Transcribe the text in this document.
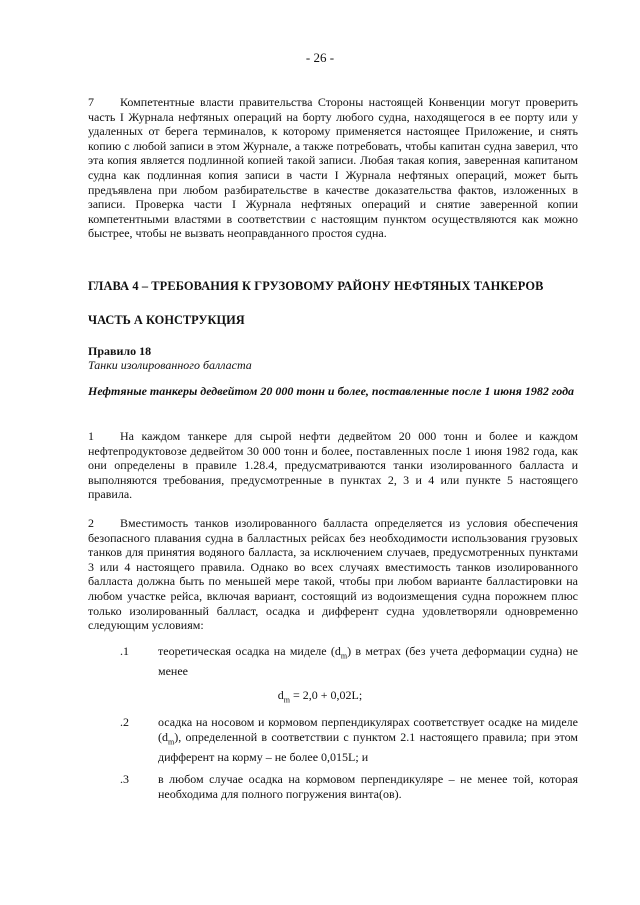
- 26 -
7 Компетентные власти правительства Стороны настоящей Конвенции могут проверить часть I Журнала нефтяных операций на борту любого судна, находящегося в ее порту или у удаленных от берега терминалов, к которому применяется настоящее Приложение, и снять копию с любой записи в этом Журнале, а также потребовать, чтобы капитан судна заверил, что эта копия является подлинной копией такой записи. Любая такая копия, заверенная капитаном судна как подлинная копия записи в части I Журнала нефтяных операций, может быть предъявлена при любом разбирательстве в качестве доказательства фактов, изложенных в записи. Проверка части I Журнала нефтяных операций и снятие заверенной копии компетентными властями в соответствии с настоящим пунктом осуществляются как можно быстрее, чтобы не вызвать неоправданного простоя судна.
ГЛАВА 4 – ТРЕБОВАНИЯ К ГРУЗОВОМУ РАЙОНУ НЕФТЯНЫХ ТАНКЕРОВ
ЧАСТЬ А КОНСТРУКЦИЯ
Правило 18
Танки изолированного балласта
Нефтяные танкеры дедвейтом 20 000 тонн и более, поставленные после 1 июня 1982 года
1 На каждом танкере для сырой нефти дедвейтом 20 000 тонн и более и каждом нефтепродуктовозе дедвейтом 30 000 тонн и более, поставленных после 1 июня 1982 года, как они определены в правиле 1.28.4, предусматриваются танки изолированного балласта и выполняются требования, предусмотренные в пунктах 2, 3 и 4 или пункте 5 настоящего правила.
2 Вместимость танков изолированного балласта определяется из условия обеспечения безопасного плавания судна в балластных рейсах без необходимости использования грузовых танков для принятия водяного балласта, за исключением случаев, предусмотренных пунктами 3 или 4 настоящего правила. Однако во всех случаях вместимость танков изолированного балласта должна быть по меньшей мере такой, чтобы при любом варианте балластировки на любом участке рейса, включая вариант, состоящий из водоизмещения судна порожнем плюс только изолированный балласт, осадка и дифферент судна удовлетворяли одновременно следующим условиям:
.1 теоретическая осадка на миделе $(d_m)$ в метрах (без учета деформации судна) не менее
$d_m = 2,0 + 0,02L$;
.2 осадка на носовом и кормовом перпендикулярах соответствует осадке на миделе $(d_m)$, определенной в соответствии с пунктом 2.1 настоящего правила; при этом дифферент на корму – не более 0,015L; и
.3 в любом случае осадка на кормовом перпендикуляре – не менее той, которая необходима для полного погружения винта(ов).
